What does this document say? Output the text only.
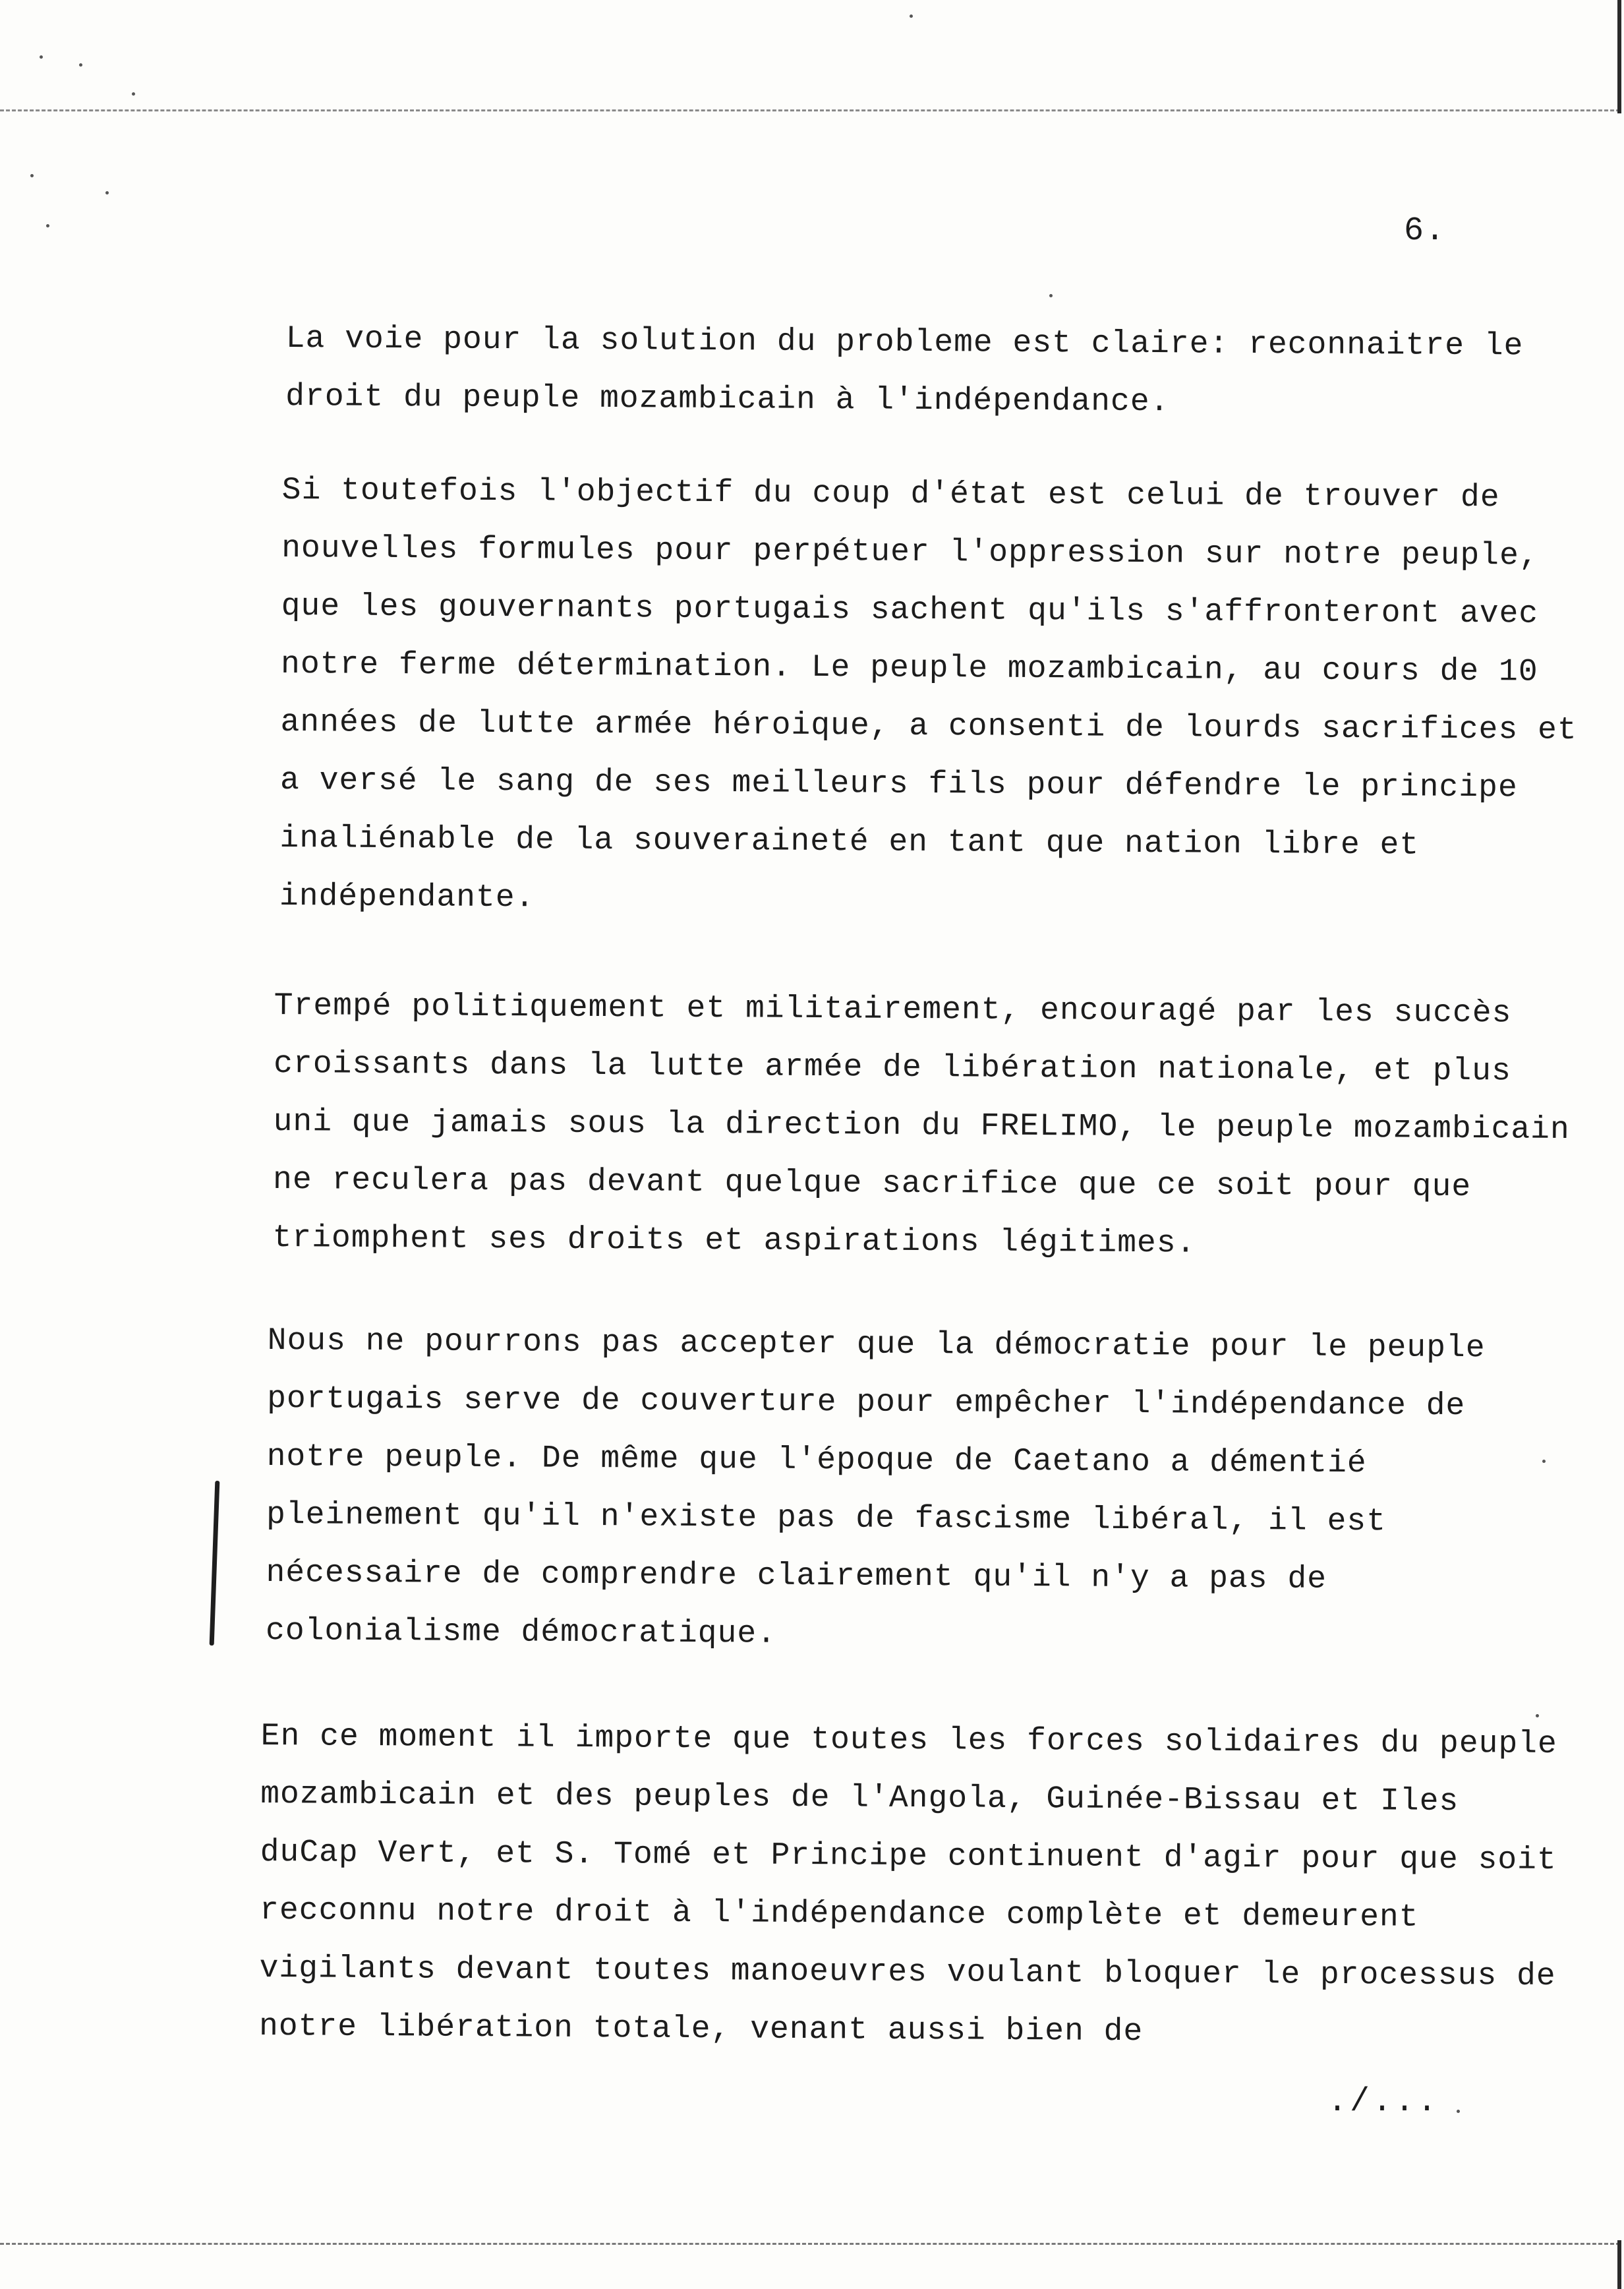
6.

La voie pour la solution du probleme est claire: reconnaitre le droit du peuple mozambicain à l'indépendance.

Si toutefois l'objectif du coup d'état est celui de trouver de nouvelles formules pour perpétuer l'oppression sur notre peuple, que les gouvernants portugais sachent qu'ils s'affronteront avec notre ferme détermination. Le peuple mozambicain, au cours de 10 années de lutte armée héroique, a consenti de lourds sacrifices et a versé le sang de ses meilleurs fils pour défendre le principe inaliénable de la souveraineté en tant que nation libre et indépendante.

Trempé politiquement et militairement, encouragé par les succès croissants dans la lutte armée de libération nationale, et plus uni que jamais sous la direction du FRELIMO, le peuple mozambicain ne reculera pas devant quelque sacrifice que ce soit pour que triomphent ses droits et aspirations légitimes.

Nous ne pourrons pas accepter que la démocratie pour le peuple portugais serve de couverture pour empêcher l'indépendance de notre peuple. De même que l'époque de Caetano a démentié pleinement qu'il n'existe pas de fascisme libéral, il est nécessaire de comprendre clairement qu'il n'y a pas de colonialisme démocratique.

En ce moment il importe que toutes les forces solidaires du peuple mozambicain et des peuples de l'Angola, Guinée-Bissau et Iles duCap Vert, et S. Tomé et Principe continuent d'agir pour que soit recconnu notre droit à l'indépendance complète et demeurent vigilants devant toutes manoeuvres voulant bloquer le processus de notre libération totale, venant aussi bien de

./...
